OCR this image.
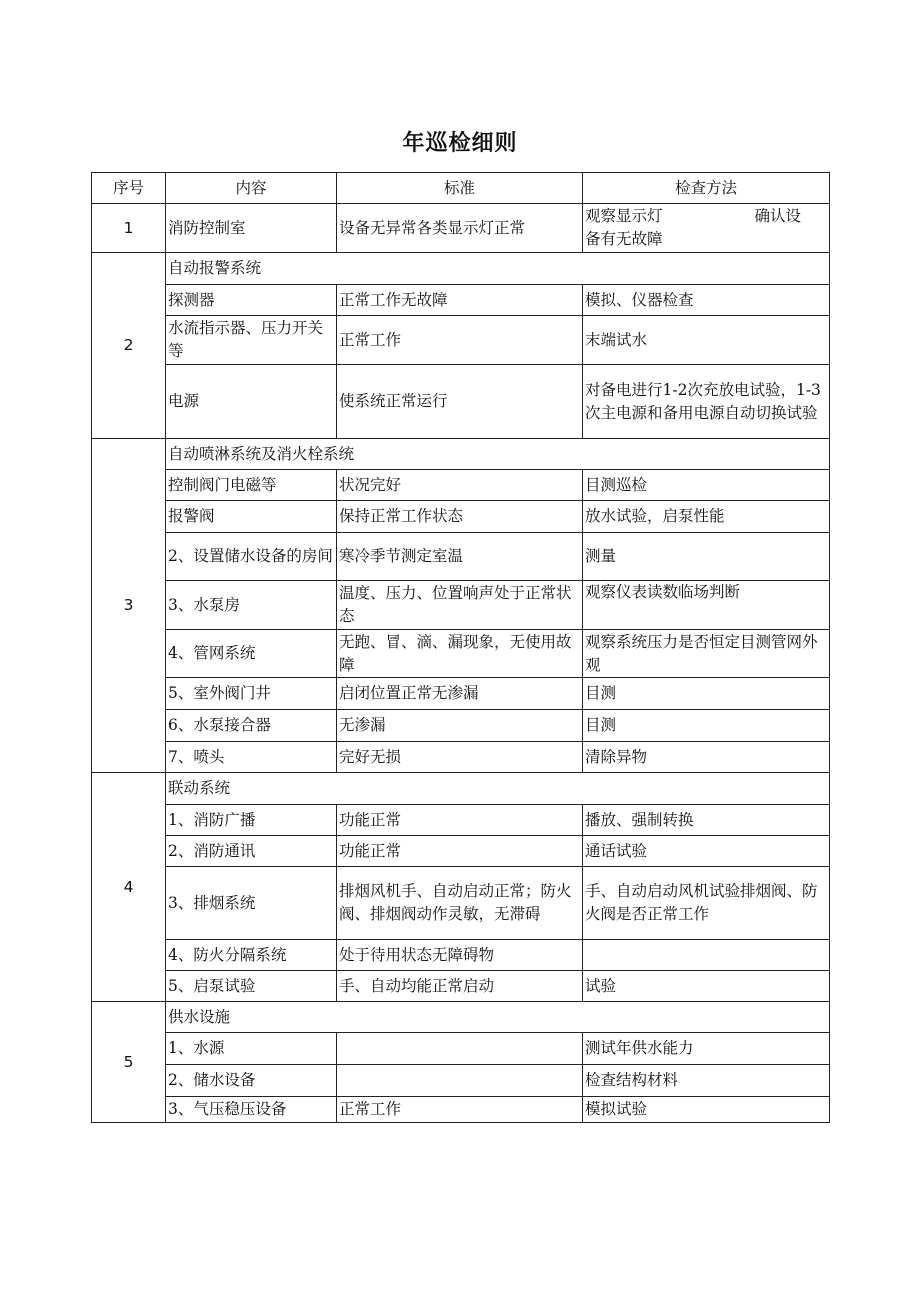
年巡检细则
序号	内容	标准	检查方法
1	消防控制室	设备无异常各类显示灯正常	观察显示灯 确认设
备有无故障

2	自动报警系统		
	探测器	正常工作无故障	模拟、仪器检查
	水流指示器、压力开关等	正常工作	末端试水
	电源	使系统正常运行	对备电进行1-2次充放电试验，1-3次主电源和备用电源自动切换试验
3	自动喷淋系统及消火栓系统		
	控制阀门电磁等	状况完好	目测巡检
	报警阀	保持正常工作状态	放水试验，启泵性能
	2、设置储水设备的房间	寒冷季节测定室温	测量
	3、水泵房	温度、压力、位置响声处于正常状态	观察仪表读数临场判断
	4、管网系统	无跑、冒、滴、漏现象，无使用故障	观察系统压力是否恒定目测管网外观
	5、室外阀门井	启闭位置正常无渗漏	目测
	6、水泵接合器	无渗漏	目测
	7、喷头	完好无损	清除异物
4	联动系统		
	1、消防广播	功能正常	播放、强制转换
	2、消防通讯	功能正常	通话试验
	3、排烟系统	排烟风机手、自动启动正常；防火阀、排烟阀动作灵敏，无滞碍	手、自动启动风机试验排烟阀、防火阀是否正常工作
	4、防火分隔系统	处于待用状态无障碍物	
	5、启泵试验	手、自动均能正常启动	试验
5	供水设施		
	1、水源		测试年供水能力
	2、储水设备		检查结构材料
	3、气压稳压设备	正常工作	模拟试验
